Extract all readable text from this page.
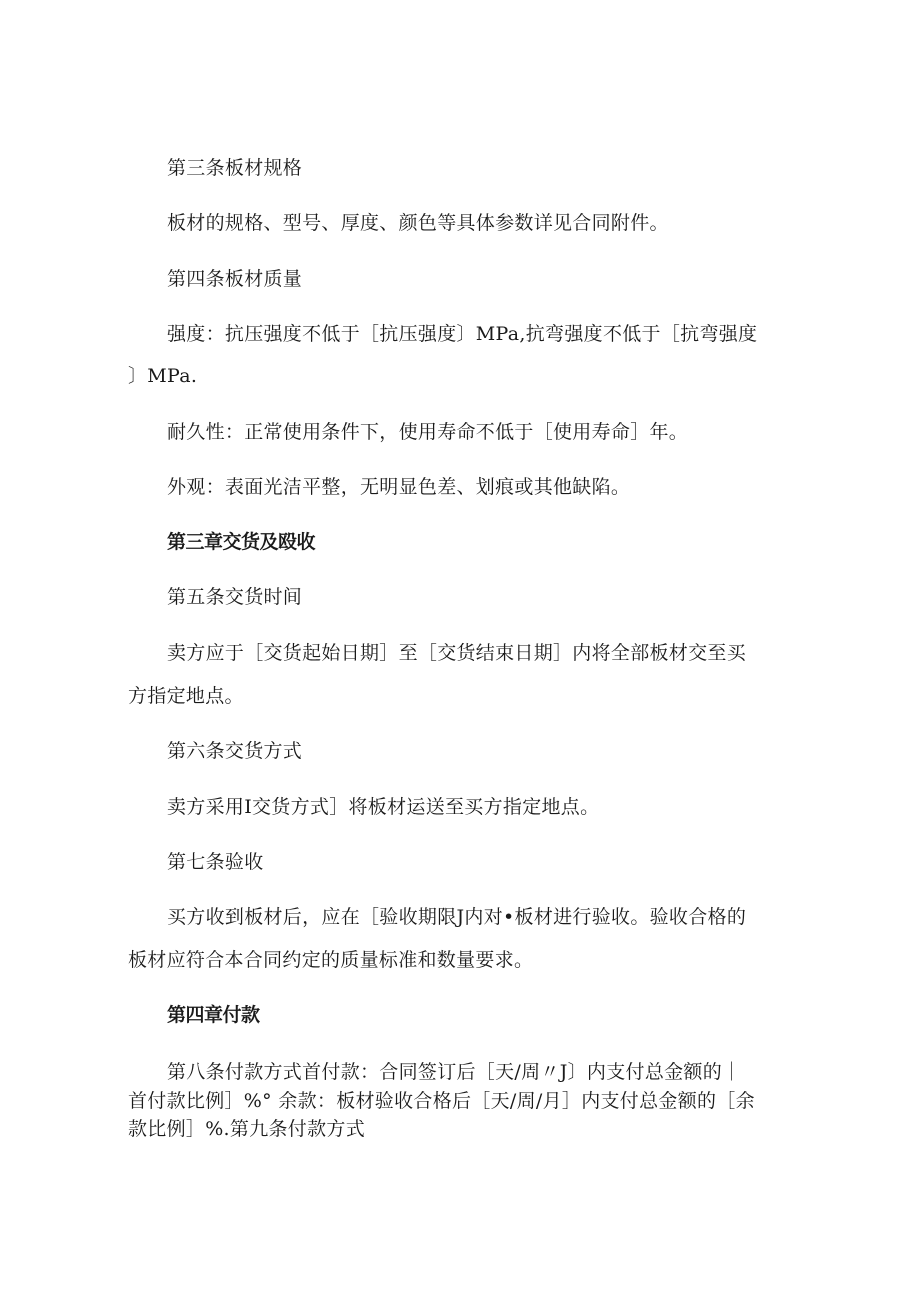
第三条板材规格
板材的规格、型号、厚度、颜色等具体参数详见合同附件。
第四条板材质量
强度：抗压强度不低于［抗压强度〕MPa,抗弯强度不低于［抗弯强度
〕MPa.
耐久性：正常使用条件下，使用寿命不低于［使用寿命］年。
外观：表面光洁平整，无明显色差、划痕或其他缺陷。
第三章交货及殴收
第五条交货时间
卖方应于［交货起始日期］至［交货结束日期］内将全部板材交至买
方指定地点。
第六条交货方式
卖方采用I交货方式］将板材运送至买方指定地点。
第七条验收
买方收到板材后，应在［验收期限J内对•板材进行验收。验收合格的
板材应符合本合同约定的质量标准和数量要求。
第四章付款
第八条付款方式首付款：合同签订后［天/周〃J〕内支付总金额的｜
首付款比例］%° 余款：板材验收合格后［天/周/月］内支付总金额的［余
款比例］%.第九条付款方式
